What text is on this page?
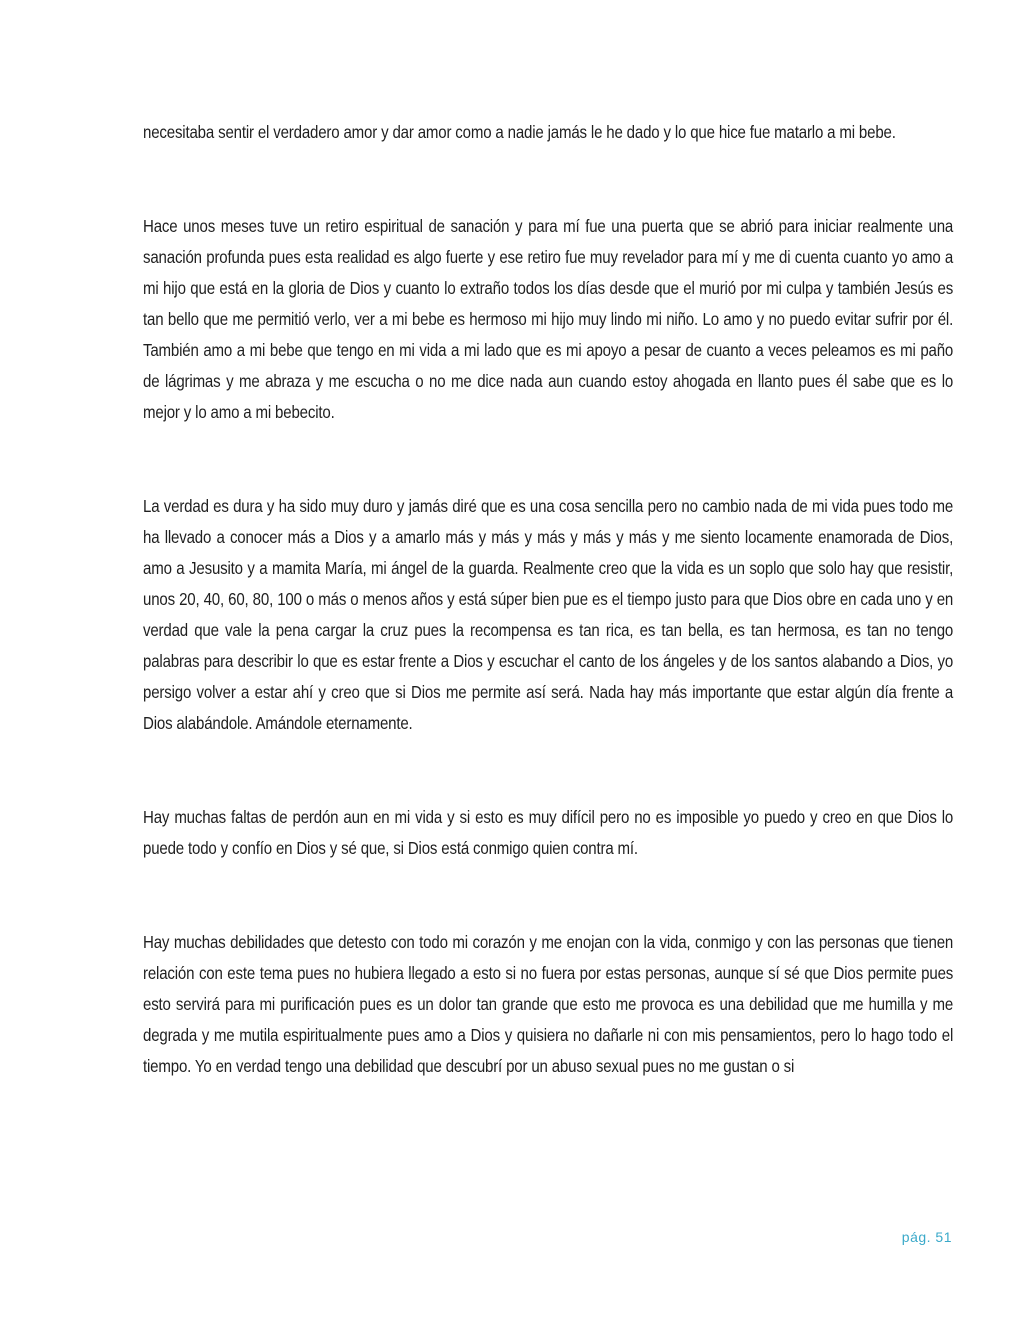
necesitaba sentir el verdadero amor y dar amor como a nadie jamás le he dado y lo que hice fue matarlo a mi bebe.

Hace unos meses tuve un retiro espiritual de sanación y para mí fue una puerta que se abrió para iniciar realmente una sanación profunda pues esta realidad es algo fuerte y ese retiro fue muy revelador para mí y me di cuenta cuanto yo amo a mi hijo que está en la gloria de Dios y cuanto lo extraño todos los días desde que el murió por mi culpa y también Jesús es tan bello que me permitió verlo, ver a mi bebe es hermoso mi hijo muy lindo mi niño. Lo amo y no puedo evitar sufrir por él. También amo a mi bebe que tengo en mi vida a mi lado que es mi apoyo a pesar de cuanto a veces peleamos es mi paño de lágrimas y me abraza y me escucha o no me dice nada aun cuando estoy ahogada en llanto pues él sabe que es lo mejor y lo amo a mi bebecito.

La verdad es dura y ha sido muy duro y jamás diré que es una cosa sencilla pero no cambio nada de mi vida pues todo me ha llevado a conocer más a Dios y a amarlo más y más y más y más y más y me siento locamente enamorada de Dios, amo a Jesusito y a mamita María, mi ángel de la guarda. Realmente creo que la vida es un soplo que solo hay que resistir, unos 20, 40, 60, 80, 100 o más o menos años y está súper bien pue es el tiempo justo para que Dios obre en cada uno y en verdad que vale la pena cargar la cruz pues la recompensa es tan rica, es tan bella, es tan hermosa, es tan no tengo palabras para describir lo que es estar frente a Dios y escuchar el canto de los ángeles y de los santos alabando a Dios, yo persigo volver a estar ahí y creo que si Dios me permite así será. Nada hay más importante que estar algún día frente a Dios alabándole. Amándole eternamente.

Hay muchas faltas de perdón aun en mi vida y si esto es muy difícil pero no es imposible yo puedo y creo en que Dios lo puede todo y confío en Dios y sé que, si Dios está conmigo quien contra mí.

Hay muchas debilidades que detesto con todo mi corazón y me enojan con la vida, conmigo y con las personas que tienen relación con este tema pues no hubiera llegado a esto si no fuera por estas personas, aunque sí sé que Dios permite pues esto servirá para mi purificación pues es un dolor tan grande que esto me provoca es una debilidad que me humilla y me degrada y me mutila espiritualmente pues amo a Dios y quisiera no dañarle ni con mis pensamientos, pero lo hago todo el tiempo. Yo en verdad tengo una debilidad que descubrí por un abuso sexual pues no me gustan o si

pág. 51
